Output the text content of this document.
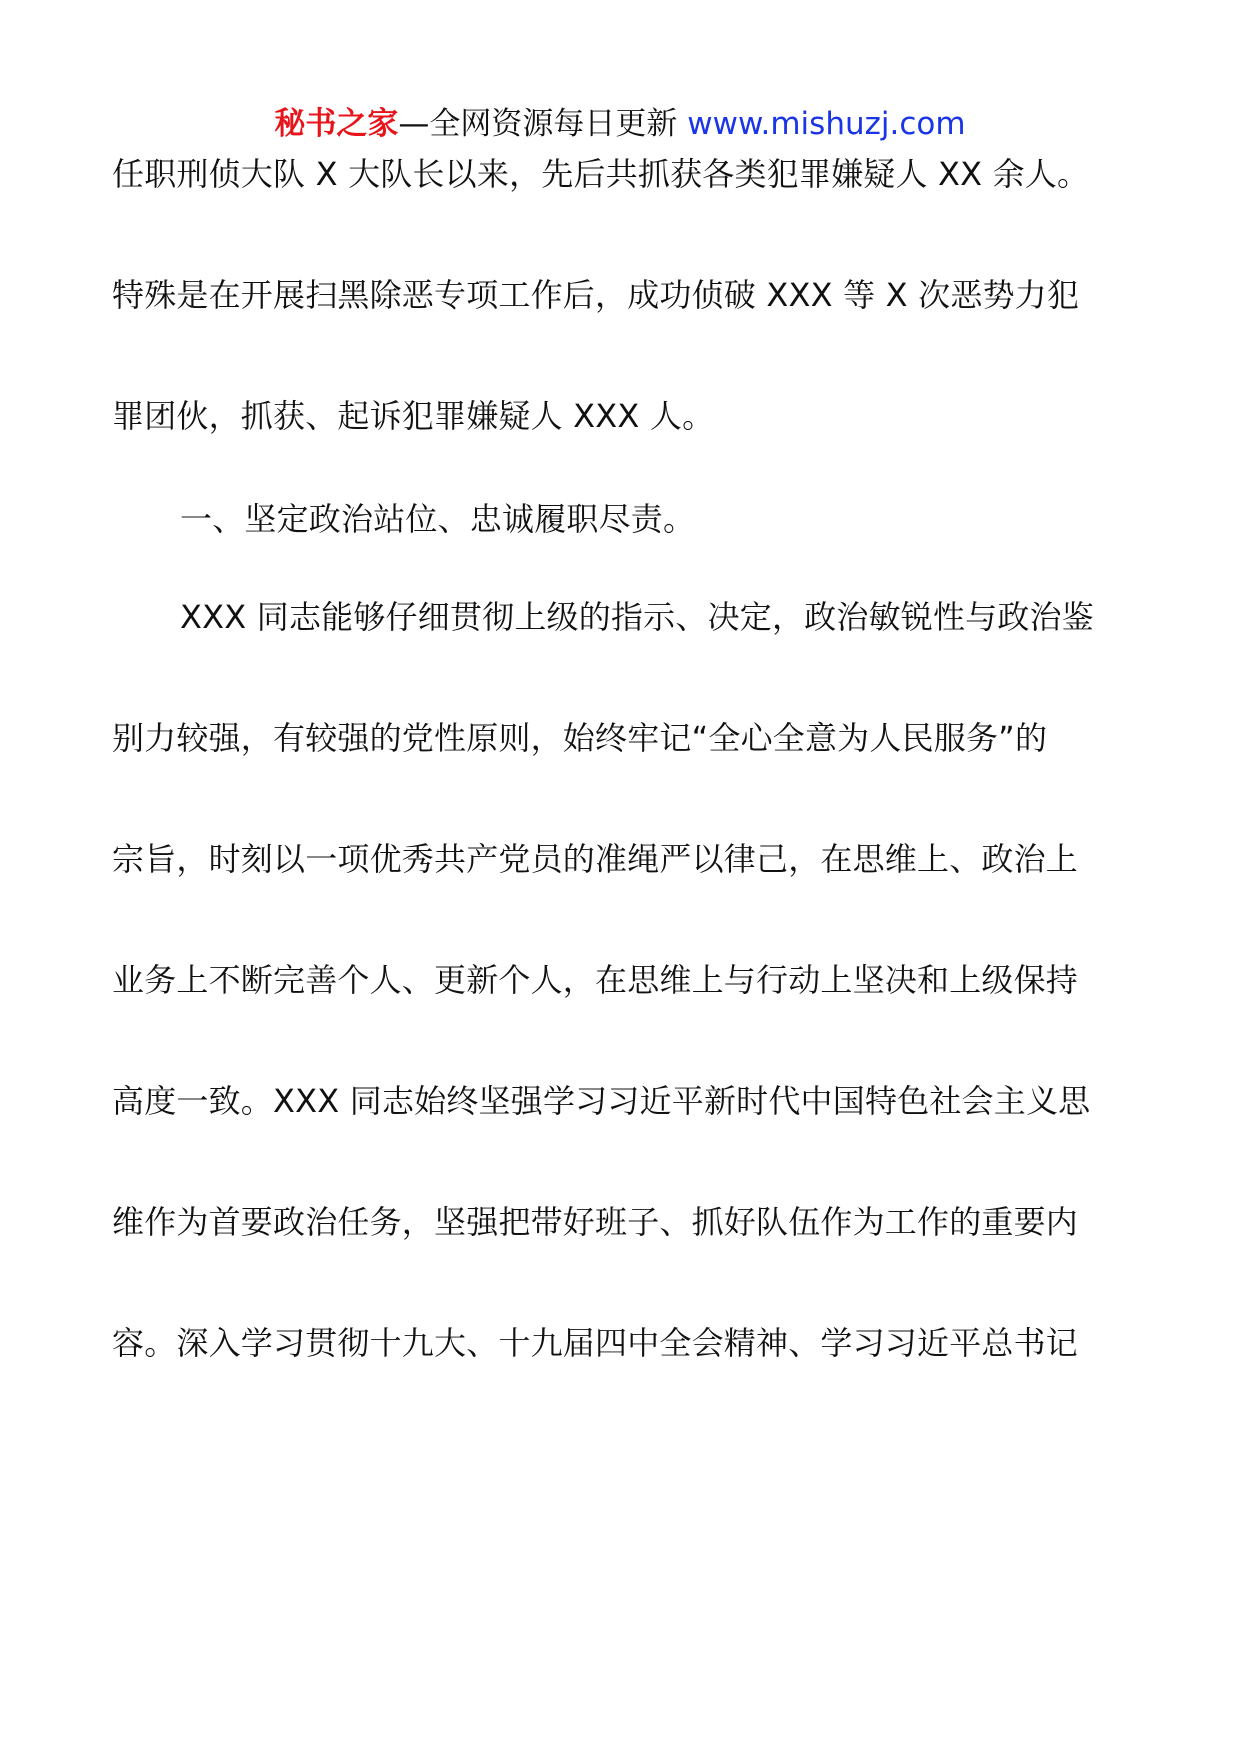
秘书之家—全网资源每日更新 www.mishuzj.com
任职刑侦大队 X 大队长以来，先后共抓获各类犯罪嫌疑人 XX 余人。
特殊是在开展扫黑除恶专项工作后，成功侦破 XXX 等 X 次恶势力犯
罪团伙，抓获、起诉犯罪嫌疑人 XXX 人。
一、坚定政治站位、忠诚履职尽责。
XXX 同志能够仔细贯彻上级的指示、决定，政治敏锐性与政治鉴
别力较强，有较强的党性原则，始终牢记“全心全意为人民服务”的
宗旨，时刻以一项优秀共产党员的准绳严以律己，在思维上、政治上
业务上不断完善个人、更新个人，在思维上与行动上坚决和上级保持
高度一致。XXX 同志始终坚强学习习近平新时代中国特色社会主义思
维作为首要政治任务，坚强把带好班子、抓好队伍作为工作的重要内
容。深入学习贯彻十九大、十九届四中全会精神、学习习近平总书记
